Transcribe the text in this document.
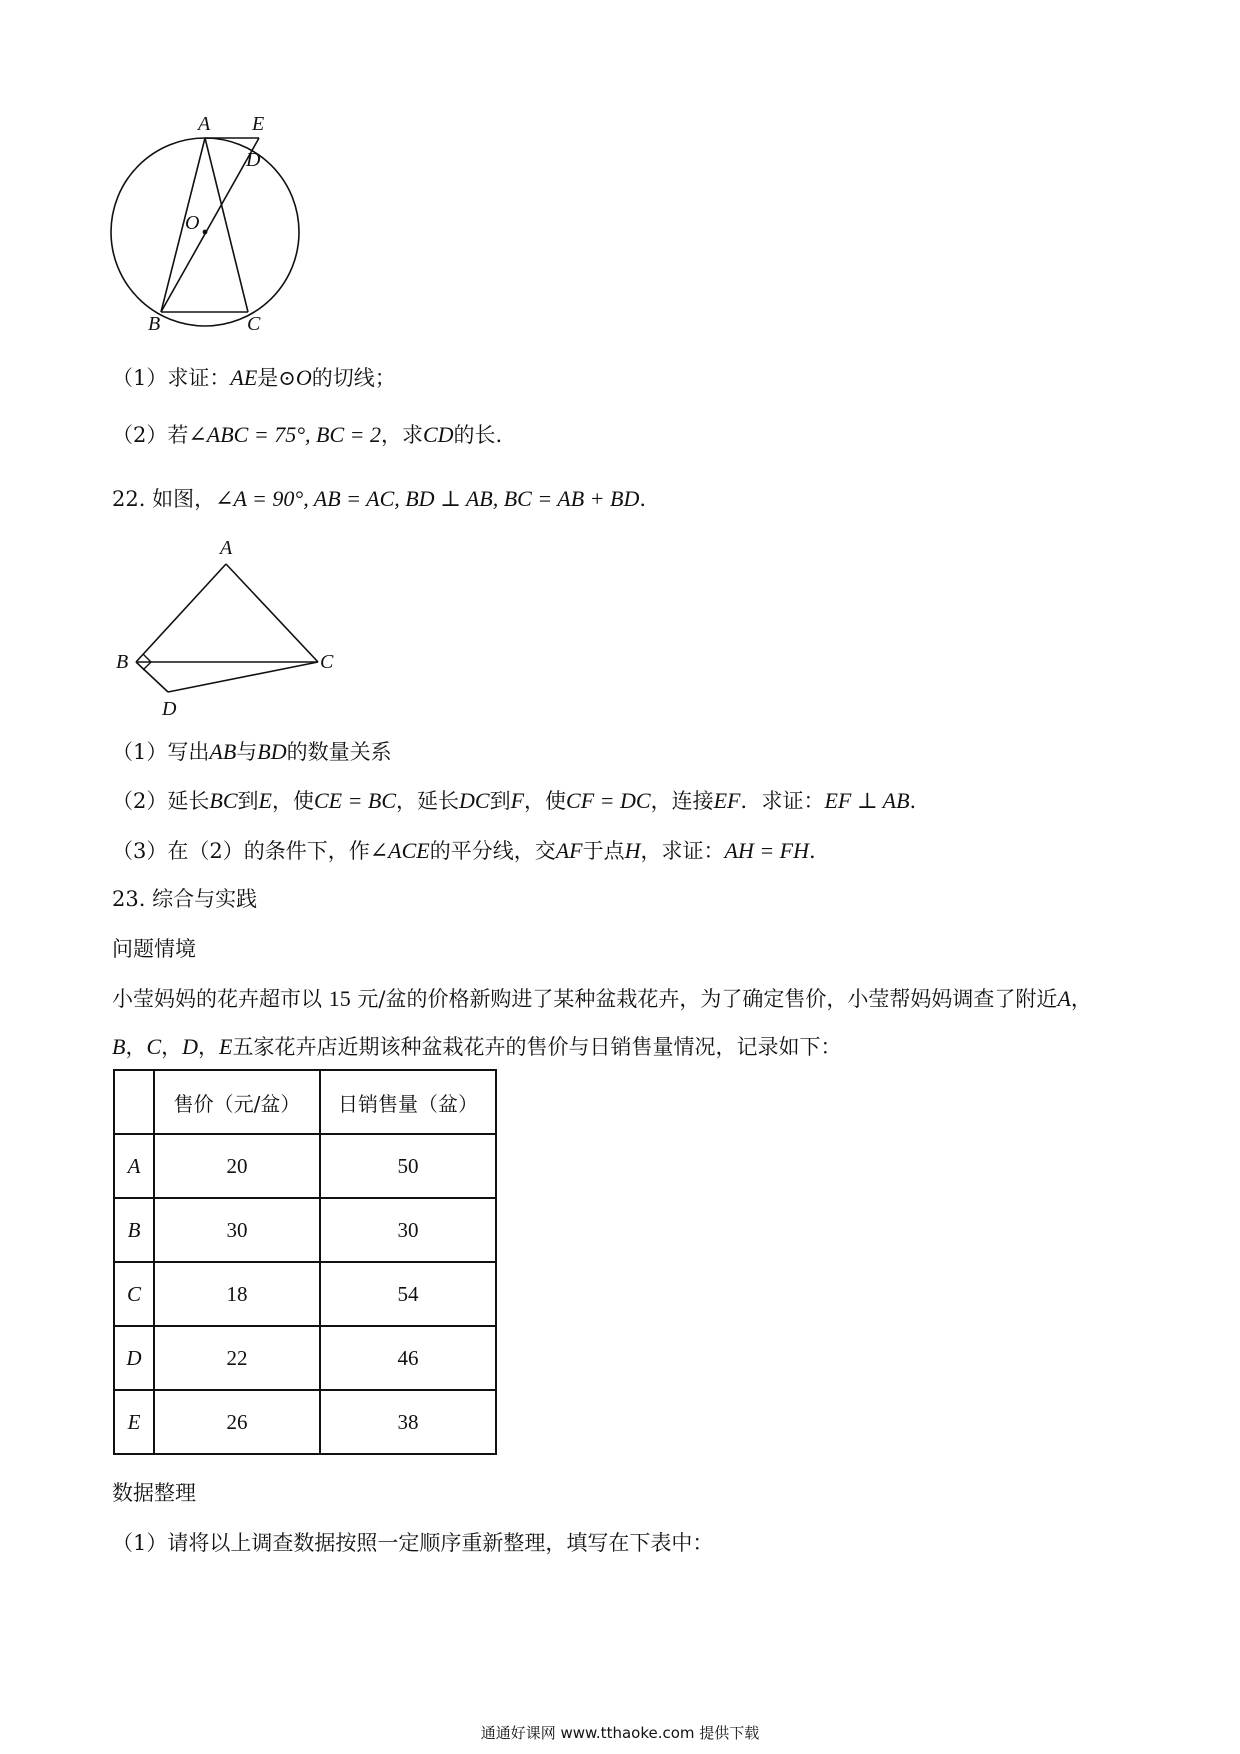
A E
D
O
B	C
（1）求证：AE是⊙O的切线；
（2）若∠ABC = 75°, BC = 2，求CD的长.
22. 如图，∠A = 90°, AB = AC, BD ⊥ AB, BC = AB + BD.
A
B	C
D
（1）写出AB与BD的数量关系
（2）延长BC到E，使CE = BC，延长DC到F，使CF = DC，连接EF．求证：EF ⊥ AB.
（3）在（2）的条件下，作∠ACE的平分线，交AF于点H，求证：AH = FH.
23. 综合与实践
问题情境
小莹妈妈的花卉超市以 15 元/盆的价格新购进了某种盆栽花卉，为了确定售价，小莹帮妈妈调查了附近A，
B，C，D，E五家花卉店近期该种盆栽花卉的售价与日销售量情况，记录如下：
	售价（元/盆）	日销售量（盆）
A	20	50
B	30	30
C	18	54
D	22	46
E	26	38
数据整理
（1）请将以上调查数据按照一定顺序重新整理，填写在下表中：
通通好课网 www.tthaoke.com 提供下载
